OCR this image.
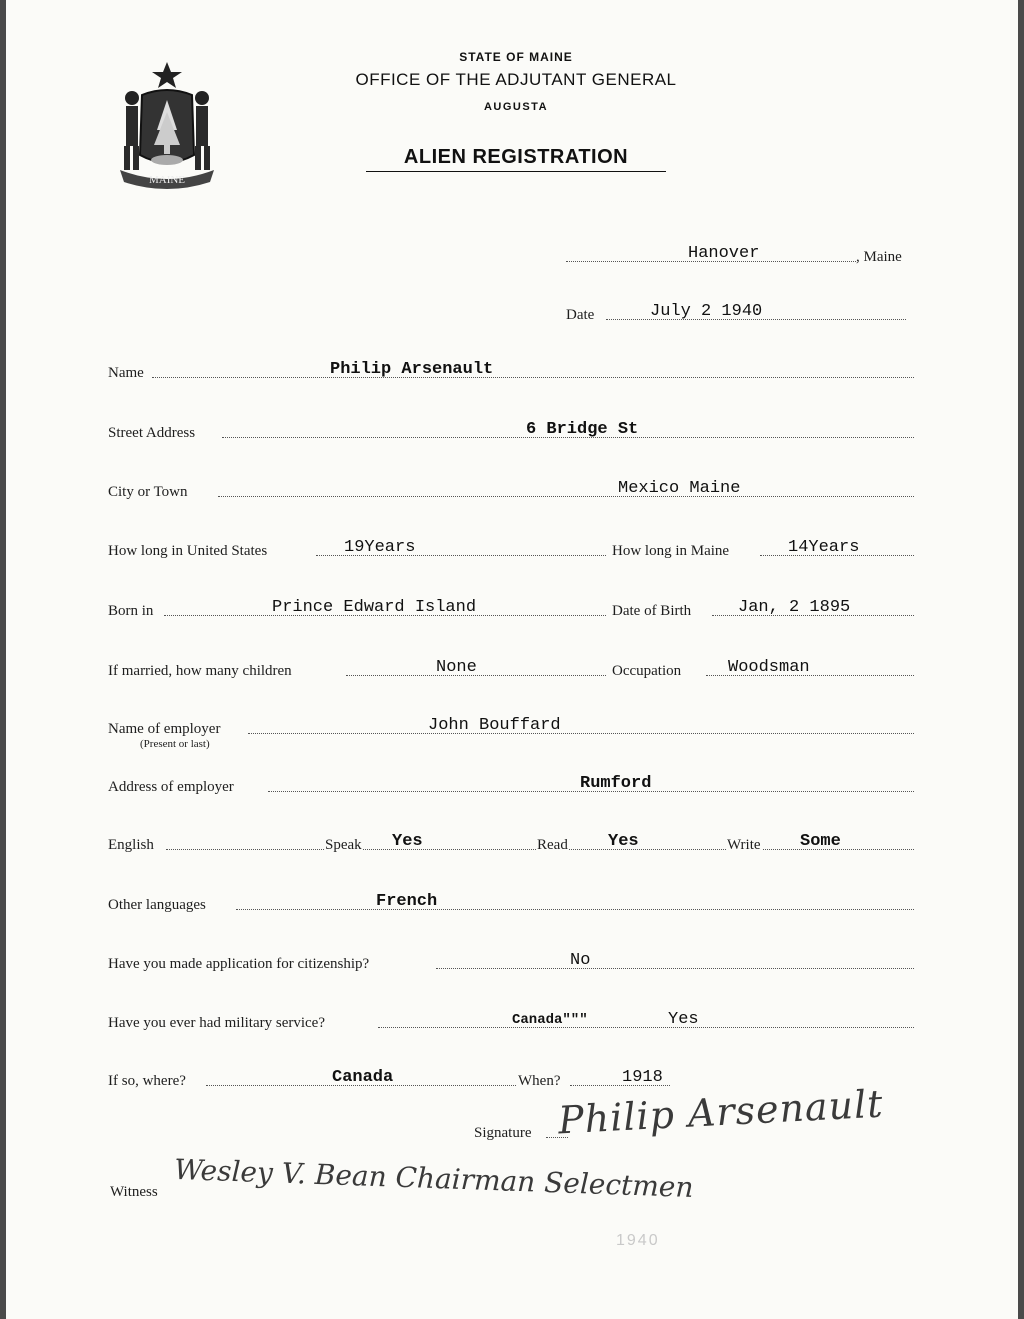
MAINE
STATE OF MAINE
OFFICE OF THE ADJUTANT GENERAL
AUGUSTA
ALIEN REGISTRATION
Hanover	, Maine
Date	July 2 1940
Name	Philip Arsenault
Street Address	6 Bridge St
City or Town	Mexico Maine
How long in United States	19Years	How long in Maine	14Years
Born in	Prince Edward Island	Date of Birth	Jan, 2 1895
If married, how many children	None	Occupation	Woodsman
Name of employer	John Bouffard
(Present or last)
Address of employer	Rumford
English	Speak Yes	Read Yes	Write Some
Other languages	French
Have you made application for citizenship?	No
Have you ever had military service?	Canada"""	Yes
If so, where?	Canada	When?	1918
Signature Philip Arsenault
Witness Wesley V. Bean Chairman Selectmen
1940
